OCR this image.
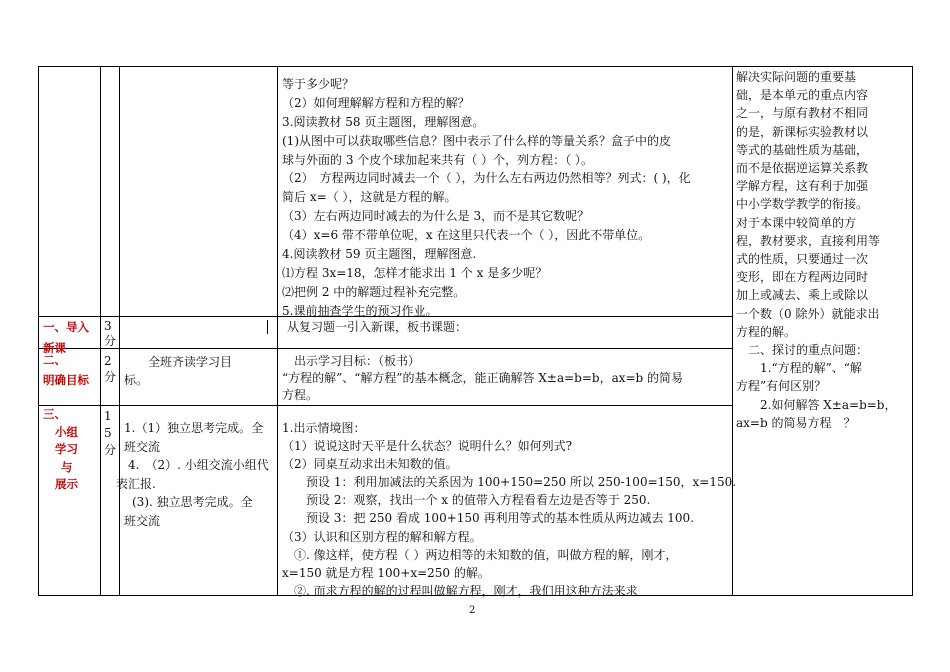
等于多少呢？

（2）如何理解解方程和方程的解？

3.阅读教材 58 页主题图，理解图意。

(1)从图中可以获取哪些信息？图中表示了什么样的等量关系？盒子中的皮

球与外面的 3 个皮个球加起来共有（ ）个，列方程：（ ）。

（2）　方程两边同时减去一个（ ），为什么左右两边仍然相等？列式：( )，化

简后 x=（ ），这就是方程的解。

（3）左右两边同时减去的为什么是 3，而不是其它数呢？

（4）x=6 带不带单位呢，x 在这里只代表一个（ ），因此不带单位。

4.阅读教材 59 页主题图，理解图意.

⑴方程 3x=18，怎样才能求出 1 个 x 是多少呢？

⑵把例 2 中的解题过程补充完整。

5.课前抽查学生的预习作业。

解决实际问题的重要基

础，是本单元的重点内容

之一，与原有教材不相同

的是，新课标实验教材以

等式的基础性质为基础，

而不是依据逆运算关系教

学解方程，这有利于加强

中小学数学教学的衔接。

对于本课中较简单的方

程，教材要求，直接利用等

式的性质，只要通过一次

变形，即在方程两边同时

加上或减去、乘上或除以

一个数（0 除外）就能求出

方程的解。

　二、探讨的重点问题：

　　1.“方程的解”、“解

方程”有何区别？

　　2.如何解答 X±a=b=b，

ax=b 的简易方程　？

一、导入
新课
3
分

从复习题一引入新课，板书课题：

二、
明确目标
2
分

　　全班齐读学习目

标。

　出示学习目标：（板书）

“方程的解”、“解方程”的基本概念，能正确解答 X±a=b=b，ax=b 的简易

方程。

三、
小组
学习
与
展示
1
5
分

1.（1）独立思考完成。全

班交流

　4.　（2）. 小组交流小组代

表汇报.

　(3). 独立思考完成。全

班交流

1.出示情境图：

（1）说说这时天平是什么状态？说明什么？如何列式?

（2）同桌互动求出未知数的值。

　　预设 1：利用加减法的关系因为 100+150=250 所以 250-100=150，x=150.

　　预设 2：观察，找出一个 x 的值带入方程看看左边是否等于 250.

　　预设 3：把 250 看成 100+150 再利用等式的基本性质从两边减去 100.

（3）认识和区别方程的解和解方程。

　①. 像这样，使方程（ ）两边相等的未知数的值，叫做方程的解，刚才，

x=150 就是方程 100+x=250 的解。

　②. 而求方程的解的过程叫做解方程，刚才，我们用这种方法来求

2
